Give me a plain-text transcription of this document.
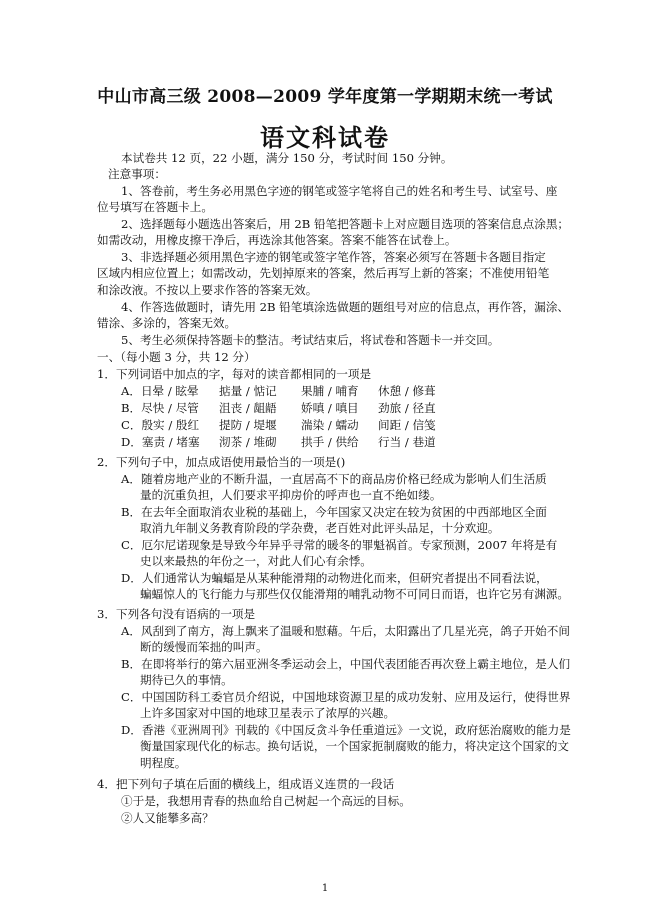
中山市高三级 2008—2009 学年度第一学期期末统一考试
语文科试卷
本试卷共 12 页，22 小题，满分 150 分，考试时间 150 分钟。
注意事项：
1、答卷前，考生务必用黑色字迹的钢笔或签字笔将自己的姓名和考生号、试室号、座
位号填写在答题卡上。
2、选择题每小题选出答案后，用 2B 铅笔把答题卡上对应题目选项的答案信息点涂黑；
如需改动，用橡皮擦干净后，再选涂其他答案。答案不能答在试卷上。
3、非选择题必须用黑色字迹的钢笔或签字笔作答，答案必须写在答题卡各题目指定
区域内相应位置上；如需改动，先划掉原来的答案，然后再写上新的答案；不准使用铅笔
和涂改液。不按以上要求作答的答案无效。
4、作答选做题时，请先用 2B 铅笔填涂选做题的题组号对应的信息点，再作答，漏涂、
错涂、多涂的，答案无效。
5、考生必须保持答题卡的整洁。考试结束后，将试卷和答题卡一并交回。
一、（每小题 3 分，共 12 分）
1．下列词语中加点的字，每对的读音都相同的一项是
A．日晕 / 眩晕 掂量 / 惦记 果脯 / 哺育 休憩 / 修葺
B．尽快 / 尽管 沮丧 / 龃龉 娇嗔 / 嗔目 劲旅 / 径直
C．殷实 / 殷红 提防 / 堤堰 湍染 / 蠕动 间距 / 信笺
D．塞责 / 堵塞 沏茶 / 堆砌 拱手 / 供给 行当 / 巷道
2．下列句子中，加点成语使用最恰当的一项是()
A．随着房地产业的不断升温，一直居高不下的商品房价格已经成为影响人们生活质
量的沉重负担，人们要求平抑房价的呼声也一直不绝如缕。
B．在去年全面取消农业税的基础上，今年国家又决定在较为贫困的中西部地区全面
取消九年制义务教育阶段的学杂费，老百姓对此评头品足，十分欢迎。
C．厄尔尼诺现象是导致今年异乎寻常的暖冬的罪魁祸首。专家预测，2007 年将是有
史以来最热的年份之一，对此人们心有余悸。
D．人们通常认为蝙蝠是从某种能滑翔的动物进化而来，但研究者提出不同看法说，
蝙蝠惊人的飞行能力与那些仅仅能滑翔的哺乳动物不可同日而语，也许它另有渊源。
3．下列各句没有语病的一项是
A．风刮到了南方，海上飘来了温暖和慰藉。午后，太阳露出了几星光亮，鸽子开始不间
断的缓慢而笨拙的叫声。
B．在即将举行的第六届亚洲冬季运动会上，中国代表团能否再次登上霸主地位，是人们
期待已久的事情。
C．中国国防科工委官员介绍说，中国地球资源卫星的成功发射、应用及运行，使得世界
上许多国家对中国的地球卫星表示了浓厚的兴趣。
D．香港《亚洲周刊》刊载的《中国反贪斗争任重道远》一文说，政府惩治腐败的能力是
衡量国家现代化的标志。换句话说，一个国家扼制腐败的能力，将决定这个国家的文
明程度。
4．把下列句子填在后面的横线上，组成语义连贯的一段话
①于是，我想用青春的热血给自己树起一个高远的目标。
②人又能攀多高？
1
